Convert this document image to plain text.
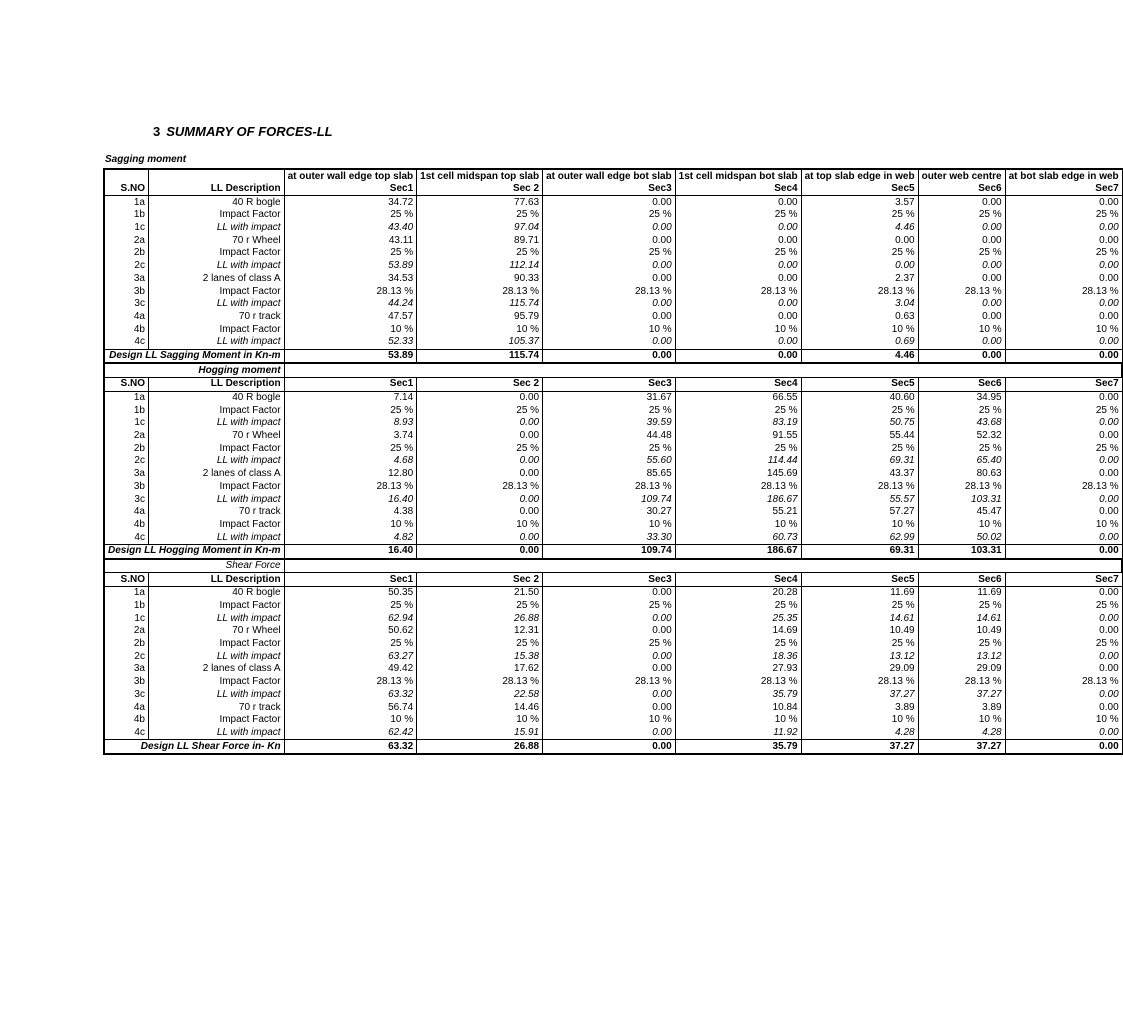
3 SUMMARY OF FORCES-LL
Sagging moment
		at outer wall edge top slab	1st cell midspan top slab	at outer wall edge bot slab	1st cell midspan bot slab	at top slab edge in web	outer web centre	at bot slab edge in web
S.NO	LL Description	Sec1	Sec 2	Sec3	Sec4	Sec5	Sec6	Sec7
1a	40 R bogle	34.72	77.63	0.00	0.00	3.57	0.00	0.00
1b	Impact Factor	25 %	25 %	25 %	25 %	25 %	25 %	25 %
1c	LL with impact	43.40	97.04	0.00	0.00	4.46	0.00	0.00
2a	70 r Wheel	43.11	89.71	0.00	0.00	0.00	0.00	0.00
2b	Impact Factor	25 %	25 %	25 %	25 %	25 %	25 %	25 %
2c	LL with impact	53.89	112.14	0.00	0.00	0.00	0.00	0.00
3a	2 lanes of class A	34.53	90.33	0.00	0.00	2.37	0.00	0.00
3b	Impact Factor	28.13 %	28.13 %	28.13 %	28.13 %	28.13 %	28.13 %	28.13 %
3c	LL with impact	44.24	115.74	0.00	0.00	3.04	0.00	0.00
4a	70 r track	47.57	95.79	0.00	0.00	0.63	0.00	0.00
4b	Impact Factor	10 %	10 %	10 %	10 %	10 %	10 %	10 %
4c	LL with impact	52.33	105.37	0.00	0.00	0.69	0.00	0.00
Design LL Sagging Moment in Kn-m		53.89	115.74	0.00	0.00	4.46	0.00	0.00
Hogging moment								
S.NO	LL Description	Sec1	Sec 2	Sec3	Sec4	Sec5	Sec6	Sec7
1a	40 R bogle	7.14	0.00	31.67	66.55	40.60	34.95	0.00
1b	Impact Factor	25 %	25 %	25 %	25 %	25 %	25 %	25 %
1c	LL with impact	8.93	0.00	39.59	83.19	50.75	43.68	0.00
2a	70 r Wheel	3.74	0.00	44.48	91.55	55.44	52.32	0.00
2b	Impact Factor	25 %	25 %	25 %	25 %	25 %	25 %	25 %
2c	LL with impact	4.68	0.00	55.60	114.44	69.31	65.40	0.00
3a	2 lanes of class A	12.80	0.00	85.65	145.69	43.37	80.63	0.00
3b	Impact Factor	28.13 %	28.13 %	28.13 %	28.13 %	28.13 %	28.13 %	28.13 %
3c	LL with impact	16.40	0.00	109.74	186.67	55.57	103.31	0.00
4a	70 r track	4.38	0.00	30.27	55.21	57.27	45.47	0.00
4b	Impact Factor	10 %	10 %	10 %	10 %	10 %	10 %	10 %
4c	LL with impact	4.82	0.00	33.30	60.73	62.99	50.02	0.00
Design LL Hogging Moment in Kn-m		16.40	0.00	109.74	186.67	69.31	103.31	0.00
Shear Force								
S.NO	LL Description	Sec1	Sec 2	Sec3	Sec4	Sec5	Sec6	Sec7
1a	40 R bogle	50.35	21.50	0.00	20.28	11.69	11.69	0.00
1b	Impact Factor	25 %	25 %	25 %	25 %	25 %	25 %	25 %
1c	LL with impact	62.94	26.88	0.00	25.35	14.61	14.61	0.00
2a	70 r Wheel	50.62	12.31	0.00	14.69	10.49	10.49	0.00
2b	Impact Factor	25 %	25 %	25 %	25 %	25 %	25 %	25 %
2c	LL with impact	63.27	15.38	0.00	18.36	13.12	13.12	0.00
3a	2 lanes of class A	49.42	17.62	0.00	27.93	29.09	29.09	0.00
3b	Impact Factor	28.13 %	28.13 %	28.13 %	28.13 %	28.13 %	28.13 %	28.13 %
3c	LL with impact	63.32	22.58	0.00	35.79	37.27	37.27	0.00
4a	70 r track	56.74	14.46	0.00	10.84	3.89	3.89	0.00
4b	Impact Factor	10 %	10 %	10 %	10 %	10 %	10 %	10 %
4c	LL with impact	62.42	15.91	0.00	11.92	4.28	4.28	0.00
Design LL Shear Force in- Kn		63.32	26.88	0.00	35.79	37.27	37.27	0.00
